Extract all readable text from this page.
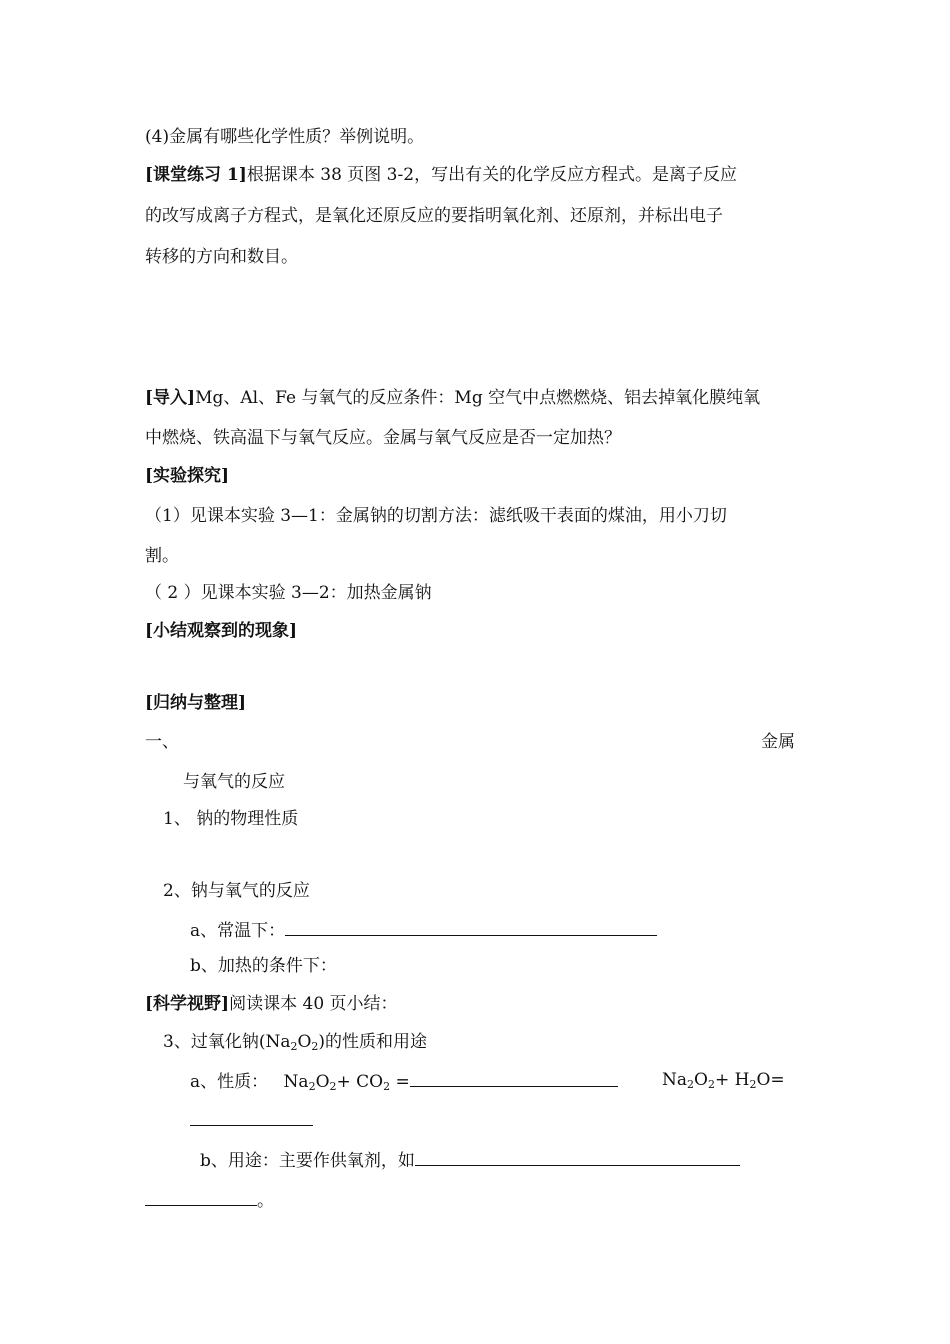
(4)金属有哪些化学性质？举例说明。
[课堂练习 1]根据课本 38 页图 3-2，写出有关的化学反应方程式。是离子反应
的改写成离子方程式，是氧化还原反应的要指明氧化剂、还原剂，并标出电子
转移的方向和数目。
[导入]Mg、Al、Fe 与氧气的反应条件：Mg 空气中点燃燃烧、铝去掉氧化膜纯氧
中燃烧、铁高温下与氧气反应。金属与氧气反应是否一定加热？
[实验探究]
（1）见课本实验 3—1：金属钠的切割方法：滤纸吸干表面的煤油，用小刀切
割。
（ 2 ）见课本实验 3—2：加热金属钠
[小结观察到的现象]
[归纳与整理]
一、	金属
与氧气的反应
1、 钠的物理性质
2、钠与氧气的反应
a、常温下：
b、加热的条件下：
[科学视野]阅读课本 40 页小结：
3、过氧化钠$(Na_2O_2)$的性质和用途
a、性质： $Na_2O_2+ CO_2$ =	$Na_2O_2+ H_2O=$
b、用途：主要作供氧剂，如
。
